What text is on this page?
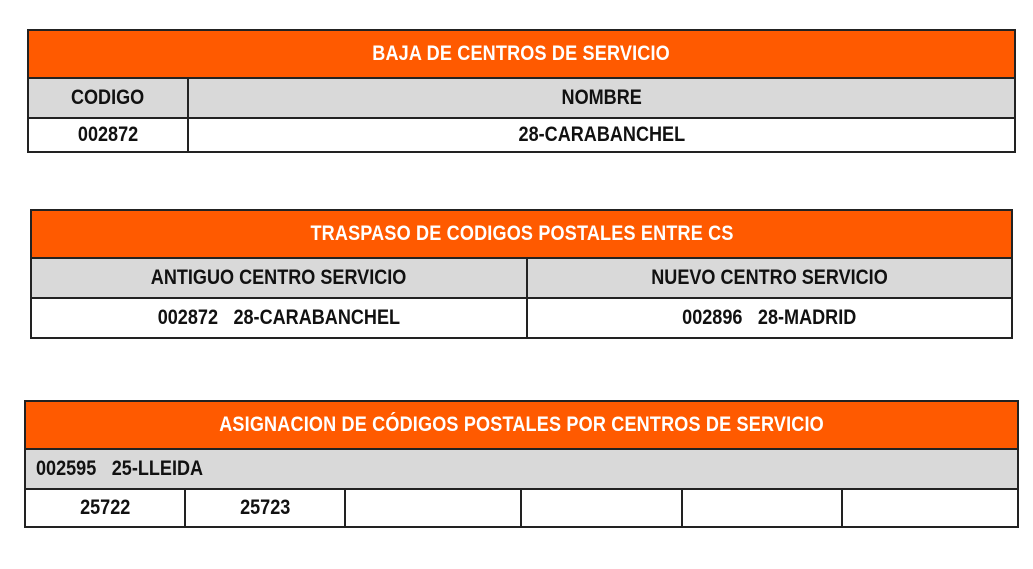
BAJA DE CENTROS DE SERVICIO	
CODIGO	NOMBRE
002872	28-CARABANCHEL
TRASPASO DE CODIGOS POSTALES ENTRE CS	
ANTIGUO CENTRO SERVICIO	NUEVO CENTRO SERVICIO
002872 28-CARABANCHEL	002896 28-MADRID
ASIGNACION DE CÓDIGOS POSTALES POR CENTROS DE SERVICIO
002595 25-LLEIDA
25722	25723				
